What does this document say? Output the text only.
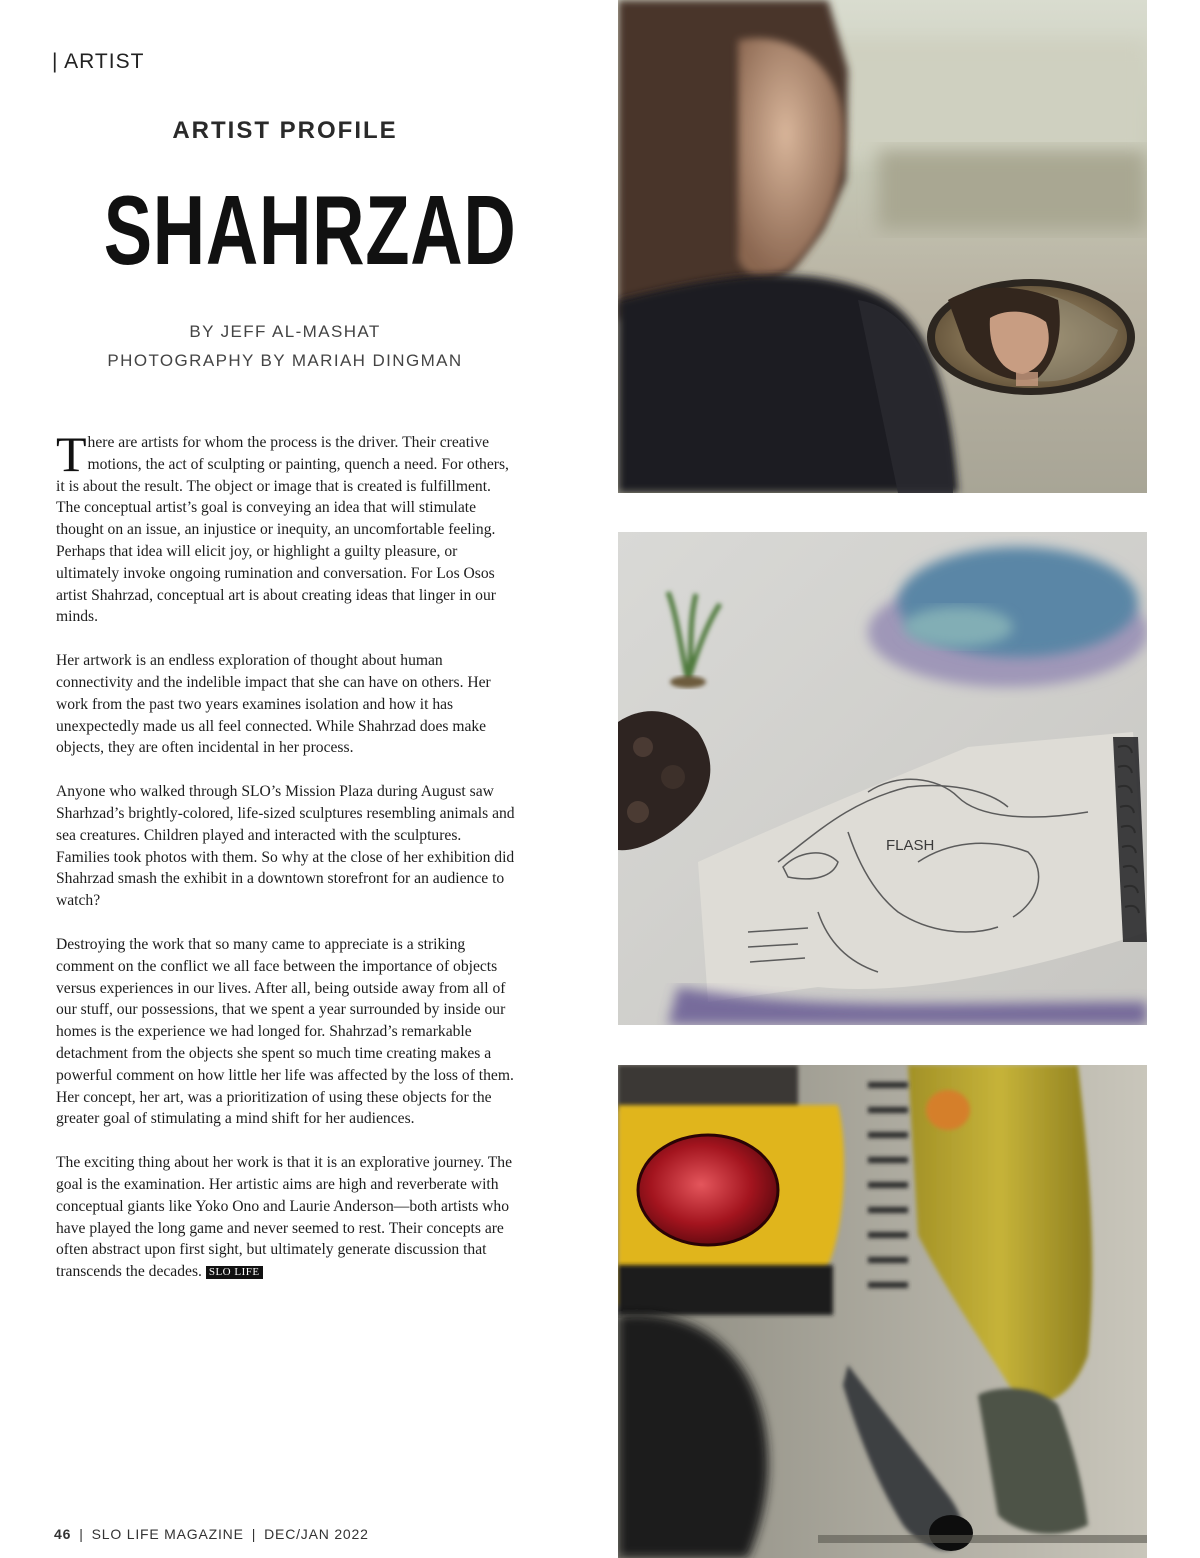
| ARTIST
ARTIST PROFILE
SHAHRZAD
BY JEFF AL-MASHAT
PHOTOGRAPHY BY MARIAH DINGMAN

There are artists for whom the process is the driver. Their creative motions, the act of sculpting or painting, quench a need. For others, it is about the result. The object or image that is created is fulfillment. The conceptual artist’s goal is conveying an idea that will stimulate thought on an issue, an injustice or inequity, an uncomfortable feeling. Perhaps that idea will elicit joy, or highlight a guilty pleasure, or ultimately invoke ongoing rumination and conversation. For Los Osos artist Shahrzad, conceptual art is about creating ideas that linger in our minds.

Her artwork is an endless exploration of thought about human connectivity and the indelible impact that she can have on others. Her work from the past two years examines isolation and how it has unexpectedly made us all feel connected. While Shahrzad does make objects, they are often incidental in her process.

Anyone who walked through SLO’s Mission Plaza during August saw Sharhzad’s brightly-colored, life-sized sculptures resembling animals and sea creatures. Children played and interacted with the sculptures. Families took photos with them. So why at the close of her exhibition did Shahrzad smash the exhibit in a downtown storefront for an audience to watch?

Destroying the work that so many came to appreciate is a striking comment on the conflict we all face between the importance of objects versus experiences in our lives. After all, being outside away from all of our stuff, our possessions, that we spent a year surrounded by inside our homes is the experience we had longed for. Shahrzad’s remarkable detachment from the objects she spent so much time creating makes a powerful comment on how little her life was affected by the loss of them. Her concept, her art, was a prioritization of using these objects for the greater goal of stimulating a mind shift for her audiences.

The exciting thing about her work is that it is an explorative journey. The goal is the examination. Her artistic aims are high and reverberate with conceptual giants like Yoko Ono and Laurie Anderson—both artists who have played the long game and never seemed to rest. Their concepts are often abstract upon first sight, but ultimately generate discussion that transcends the decades. SLO LIFE

46 | SLO LIFE MAGAZINE | DEC/JAN 2022
FLASH
